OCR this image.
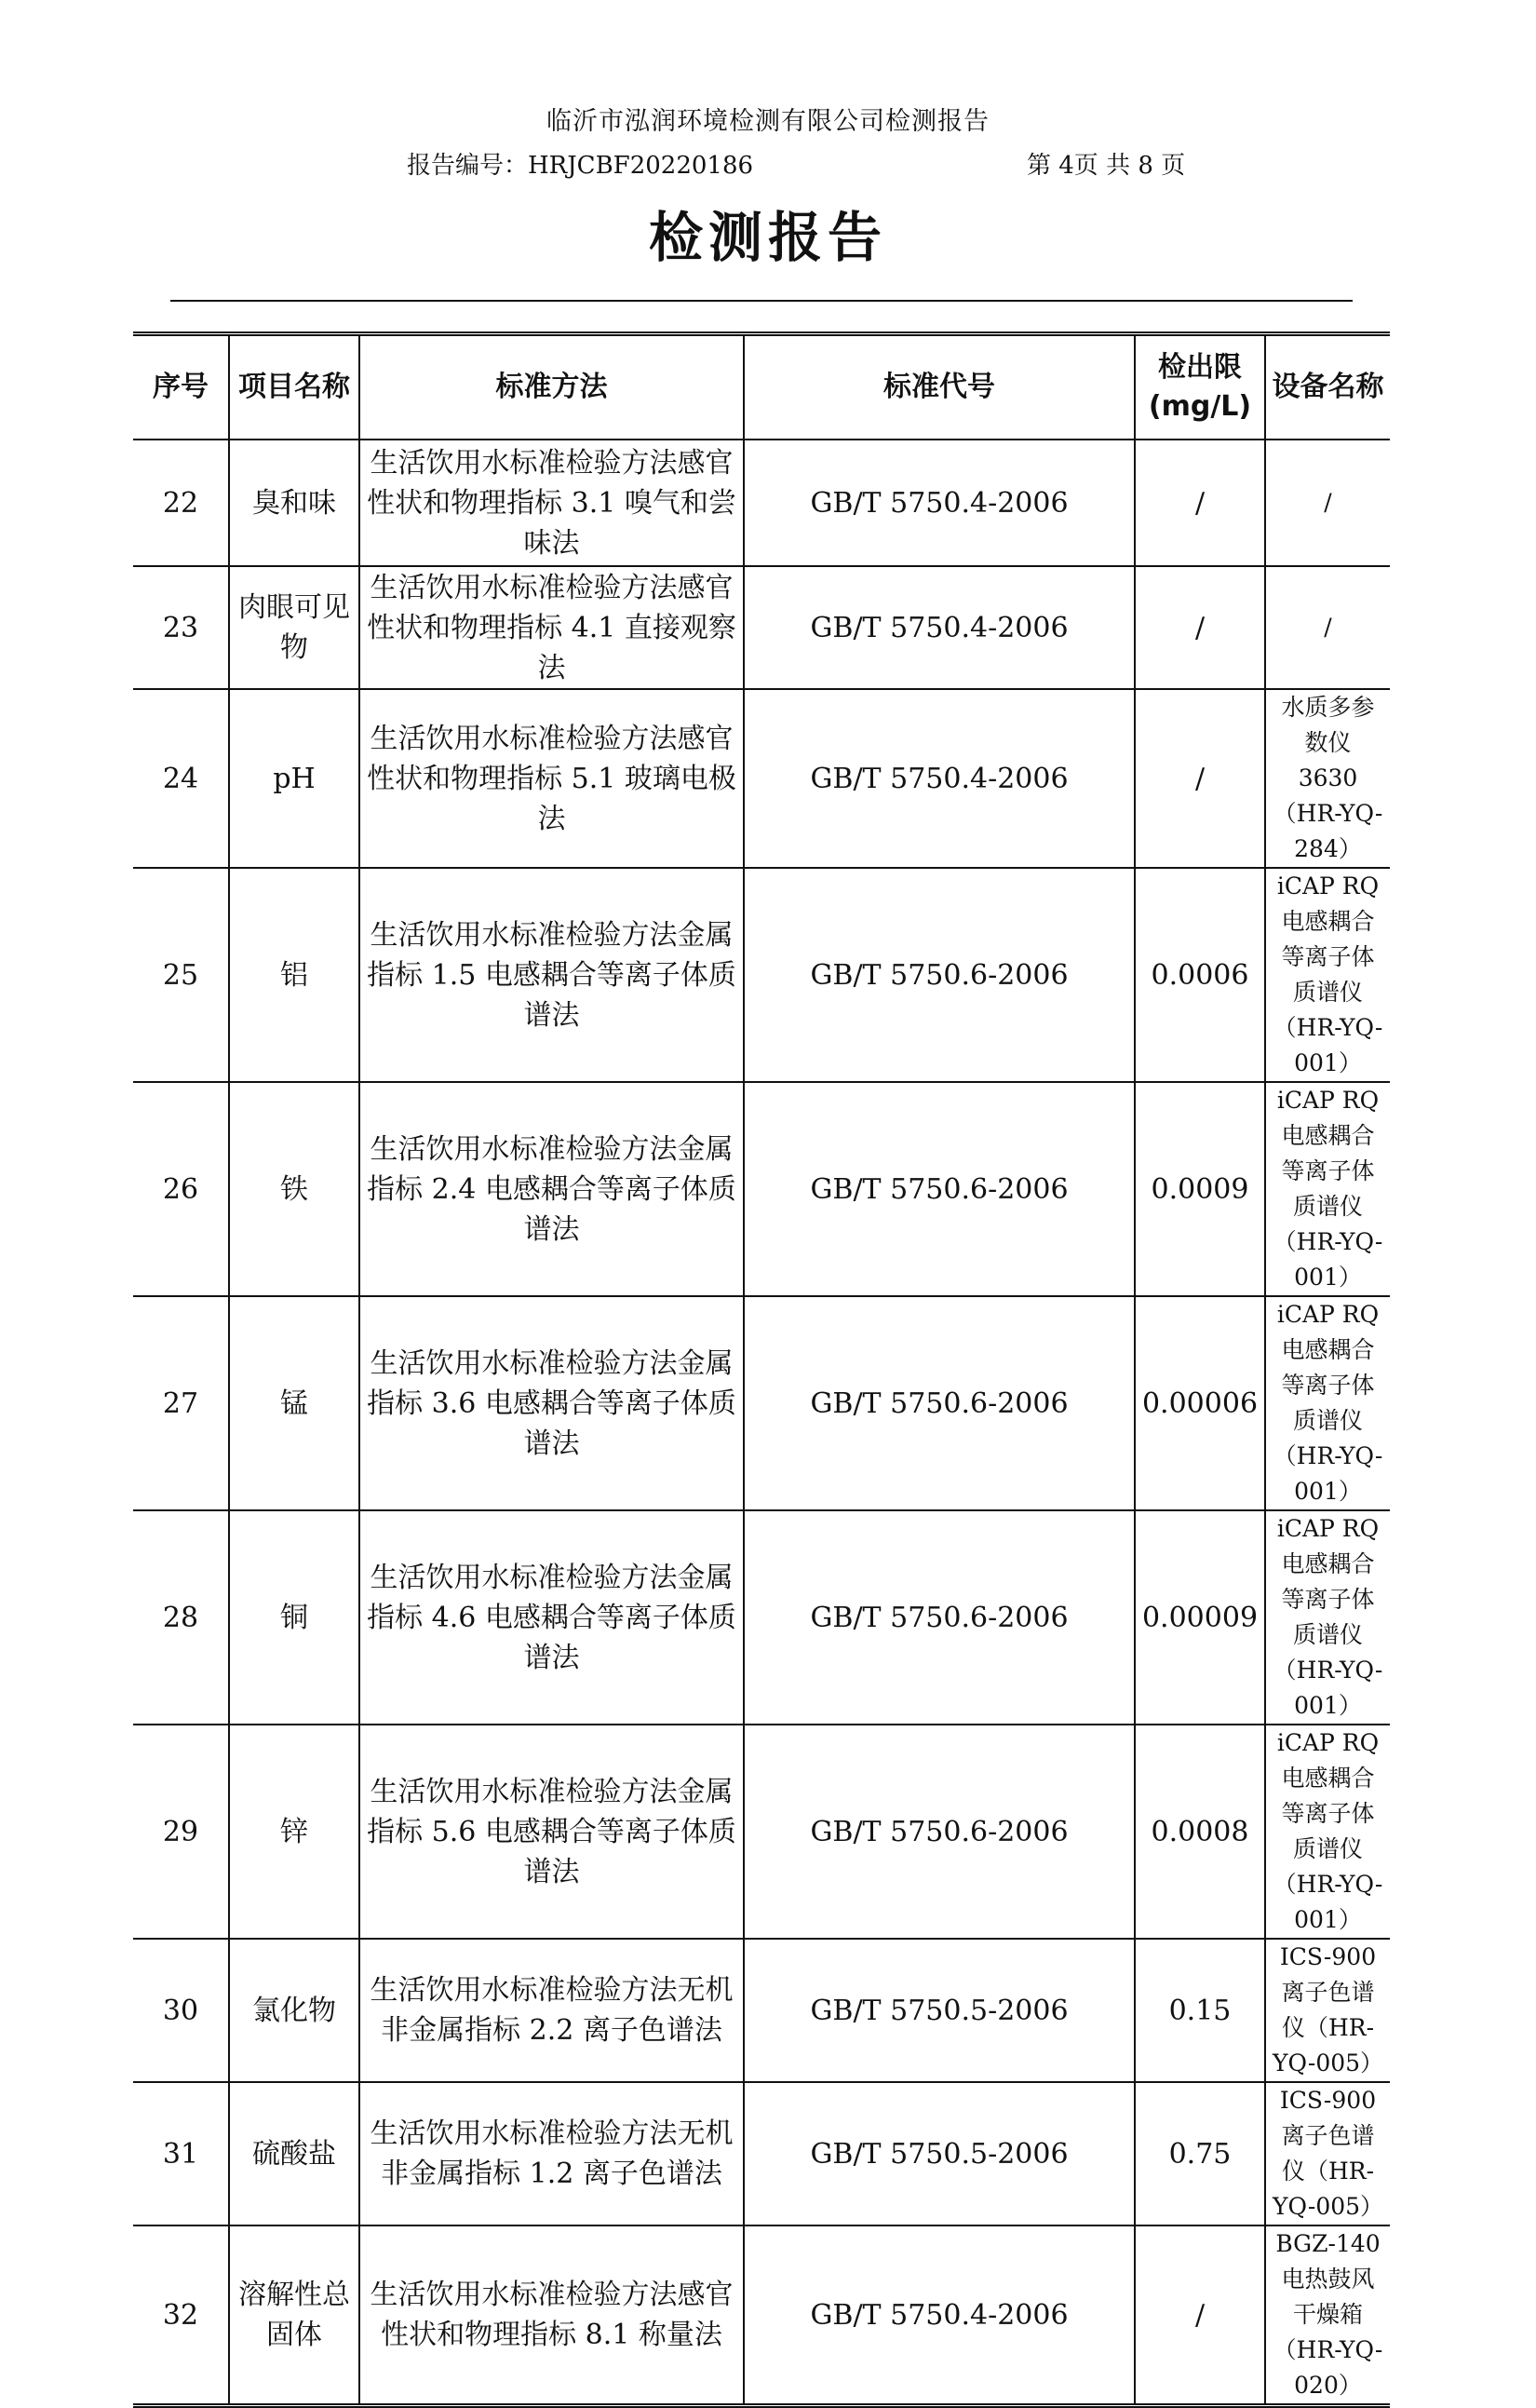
临沂市泓润环境检测有限公司检测报告
报告编号：HRJCBF20220186	第 4页 共 8 页
检测报告
序号	项目名称	标准方法	标准代号	检出限(mg/L)	设备名称
22	臭和味	生活饮用水标准检验方法感官性状和物理指标 3.1 嗅气和尝味法	GB/T 5750.4-2006	/	/
23	肉眼可见物	生活饮用水标准检验方法感官性状和物理指标 4.1 直接观察法	GB/T 5750.4-2006	/	/
24	pH	生活饮用水标准检验方法感官性状和物理指标 5.1 玻璃电极法	GB/T 5750.4-2006	/	水质多参数仪 3630（HR-YQ-284）
25	铝	生活饮用水标准检验方法金属指标 1.5 电感耦合等离子体质谱法	GB/T 5750.6-2006	0.0006	iCAP RQ 电感耦合等离子体质谱仪（HR-YQ-001）
26	铁	生活饮用水标准检验方法金属指标 2.4 电感耦合等离子体质谱法	GB/T 5750.6-2006	0.0009	iCAP RQ 电感耦合等离子体质谱仪（HR-YQ-001）
27	锰	生活饮用水标准检验方法金属指标 3.6 电感耦合等离子体质谱法	GB/T 5750.6-2006	0.00006	iCAP RQ 电感耦合等离子体质谱仪（HR-YQ-001）
28	铜	生活饮用水标准检验方法金属指标 4.6 电感耦合等离子体质谱法	GB/T 5750.6-2006	0.00009	iCAP RQ 电感耦合等离子体质谱仪（HR-YQ-001）
29	锌	生活饮用水标准检验方法金属指标 5.6 电感耦合等离子体质谱法	GB/T 5750.6-2006	0.0008	iCAP RQ 电感耦合等离子体质谱仪（HR-YQ-001）
30	氯化物	生活饮用水标准检验方法无机非金属指标 2.2 离子色谱法	GB/T 5750.5-2006	0.15	ICS-900 离子色谱仪（HR-YQ-005）
31	硫酸盐	生活饮用水标准检验方法无机非金属指标 1.2 离子色谱法	GB/T 5750.5-2006	0.75	ICS-900 离子色谱仪（HR-YQ-005）
32	溶解性总固体	生活饮用水标准检验方法感官性状和物理指标 8.1 称量法	GB/T 5750.4-2006	/	BGZ-140 电热鼓风干燥箱（HR-YQ-020）
